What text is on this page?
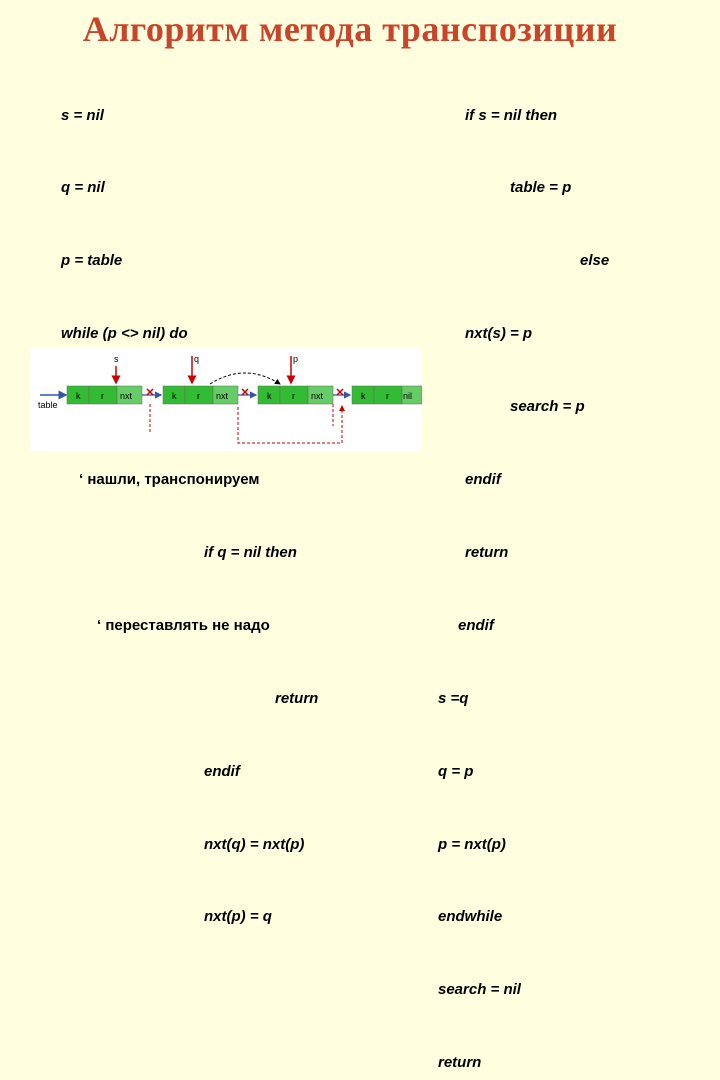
Алгоритм метода транспозиции

s = nil

q = nil

p = table

while (p <> nil) do

‘ нашли, транспонируем

if q = nil then

‘ переставлять не надо

return

endif

nxt(q) = nxt(p)

nxt(p) = q

if s = nil then

table = p

else

nxt(s) = p

search = p

endif

return

endif

s =q

q = p

p = nxt(p)

endwhile

search = nil

return

table
k r nxt	k r nxt	k r nxt	k r nil
s	q	p
